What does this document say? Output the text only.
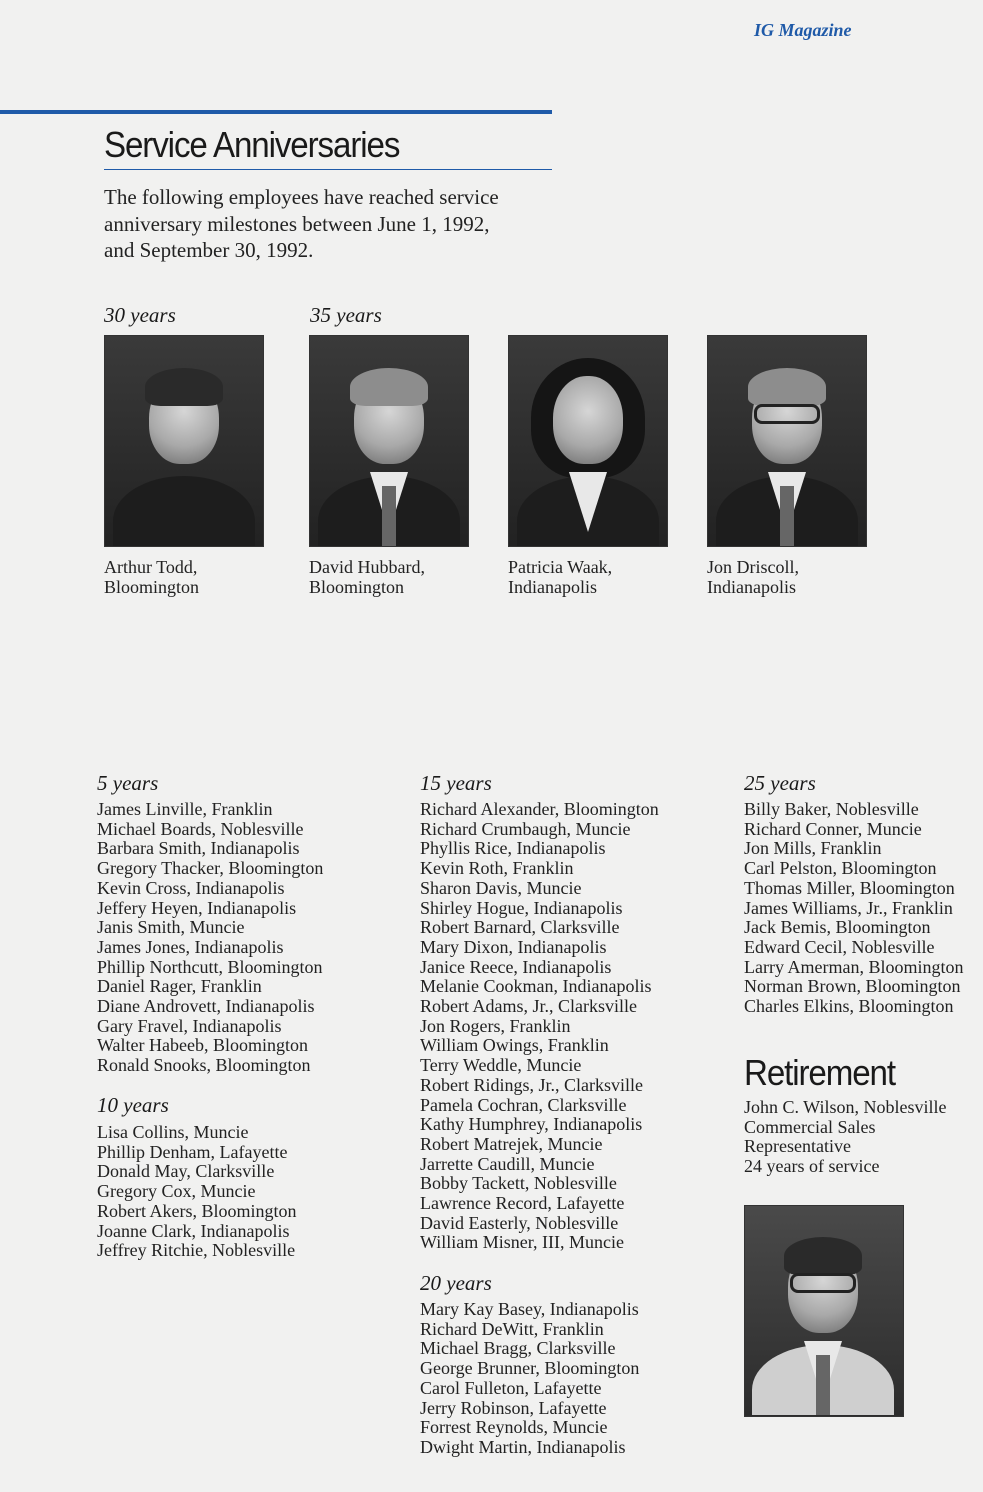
IG Magazine
Service Anniversaries
The following employees have reached service anniversary milestones between June 1, 1992, and September 30, 1992.
30 years	35 years
Arthur Todd,
Bloomington
David Hubbard,
Bloomington
Patricia Waak,
Indianapolis
Jon Driscoll,
Indianapolis
5 years
James Linville, Franklin
Michael Boards, Noblesville
Barbara Smith, Indianapolis
Gregory Thacker, Bloomington
Kevin Cross, Indianapolis
Jeffery Heyen, Indianapolis
Janis Smith, Muncie
James Jones, Indianapolis
Phillip Northcutt, Bloomington
Daniel Rager, Franklin
Diane Androvett, Indianapolis
Gary Fravel, Indianapolis
Walter Habeeb, Bloomington
Ronald Snooks, Bloomington
10 years
Lisa Collins, Muncie
Phillip Denham, Lafayette
Donald May, Clarksville
Gregory Cox, Muncie
Robert Akers, Bloomington
Joanne Clark, Indianapolis
Jeffrey Ritchie, Noblesville
15 years
Richard Alexander, Bloomington
Richard Crumbaugh, Muncie
Phyllis Rice, Indianapolis
Kevin Roth, Franklin
Sharon Davis, Muncie
Shirley Hogue, Indianapolis
Robert Barnard, Clarksville
Mary Dixon, Indianapolis
Janice Reece, Indianapolis
Melanie Cookman, Indianapolis
Robert Adams, Jr., Clarksville
Jon Rogers, Franklin
William Owings, Franklin
Terry Weddle, Muncie
Robert Ridings, Jr., Clarksville
Pamela Cochran, Clarksville
Kathy Humphrey, Indianapolis
Robert Matrejek, Muncie
Jarrette Caudill, Muncie
Bobby Tackett, Noblesville
Lawrence Record, Lafayette
David Easterly, Noblesville
William Misner, III, Muncie
20 years
Mary Kay Basey, Indianapolis
Richard DeWitt, Franklin
Michael Bragg, Clarksville
George Brunner, Bloomington
Carol Fulleton, Lafayette
Jerry Robinson, Lafayette
Forrest Reynolds, Muncie
Dwight Martin, Indianapolis
25 years
Billy Baker, Noblesville
Richard Conner, Muncie
Jon Mills, Franklin
Carl Pelston, Bloomington
Thomas Miller, Bloomington
James Williams, Jr., Franklin
Jack Bemis, Bloomington
Edward Cecil, Noblesville
Larry Amerman, Bloomington
Norman Brown, Bloomington
Charles Elkins, Bloomington
Retirement
John C. Wilson, Noblesville
Commercial Sales
Representative
24 years of service
